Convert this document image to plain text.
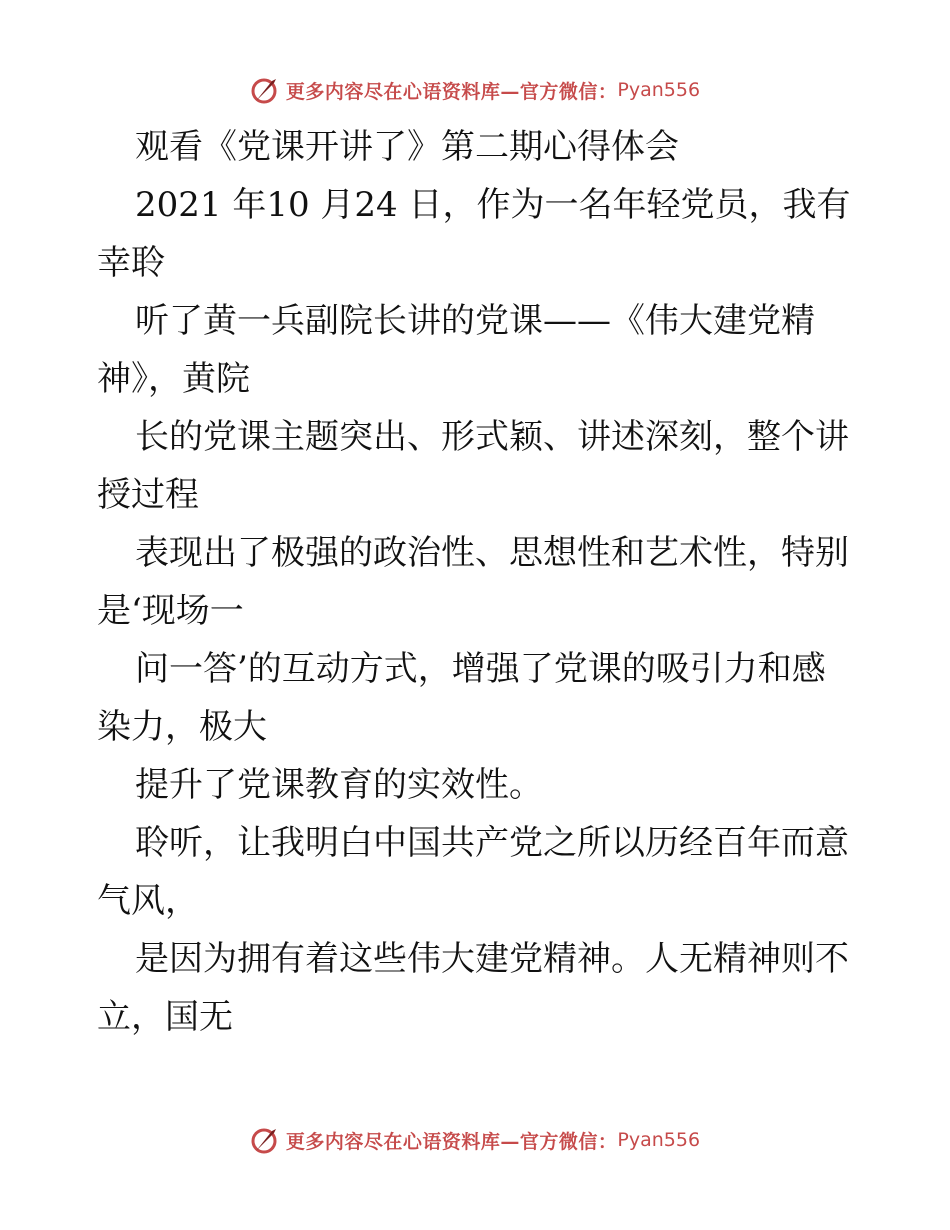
更多内容尽在心语资料库—官方微信： Pyan556
观看《党课开讲了》第二期心得体会
2021 年10 月24 日，作为一名年轻党员，我有
幸聆
听了黄一兵副院长讲的党课——《伟大建党精
神》，黄院
长的党课主题突出、形式颖、讲述深刻，整个讲
授过程
表现出了极强的政治性、思想性和艺术性，特别
是‘现场一
问一答’的互动方式，增强了党课的吸引力和感
染力，极大
提升了党课教育的实效性。
聆听，让我明白中国共产党之所以历经百年而意
气风，
是因为拥有着这些伟大建党精神。人无精神则不
立，国无
更多内容尽在心语资料库—官方微信： Pyan556
